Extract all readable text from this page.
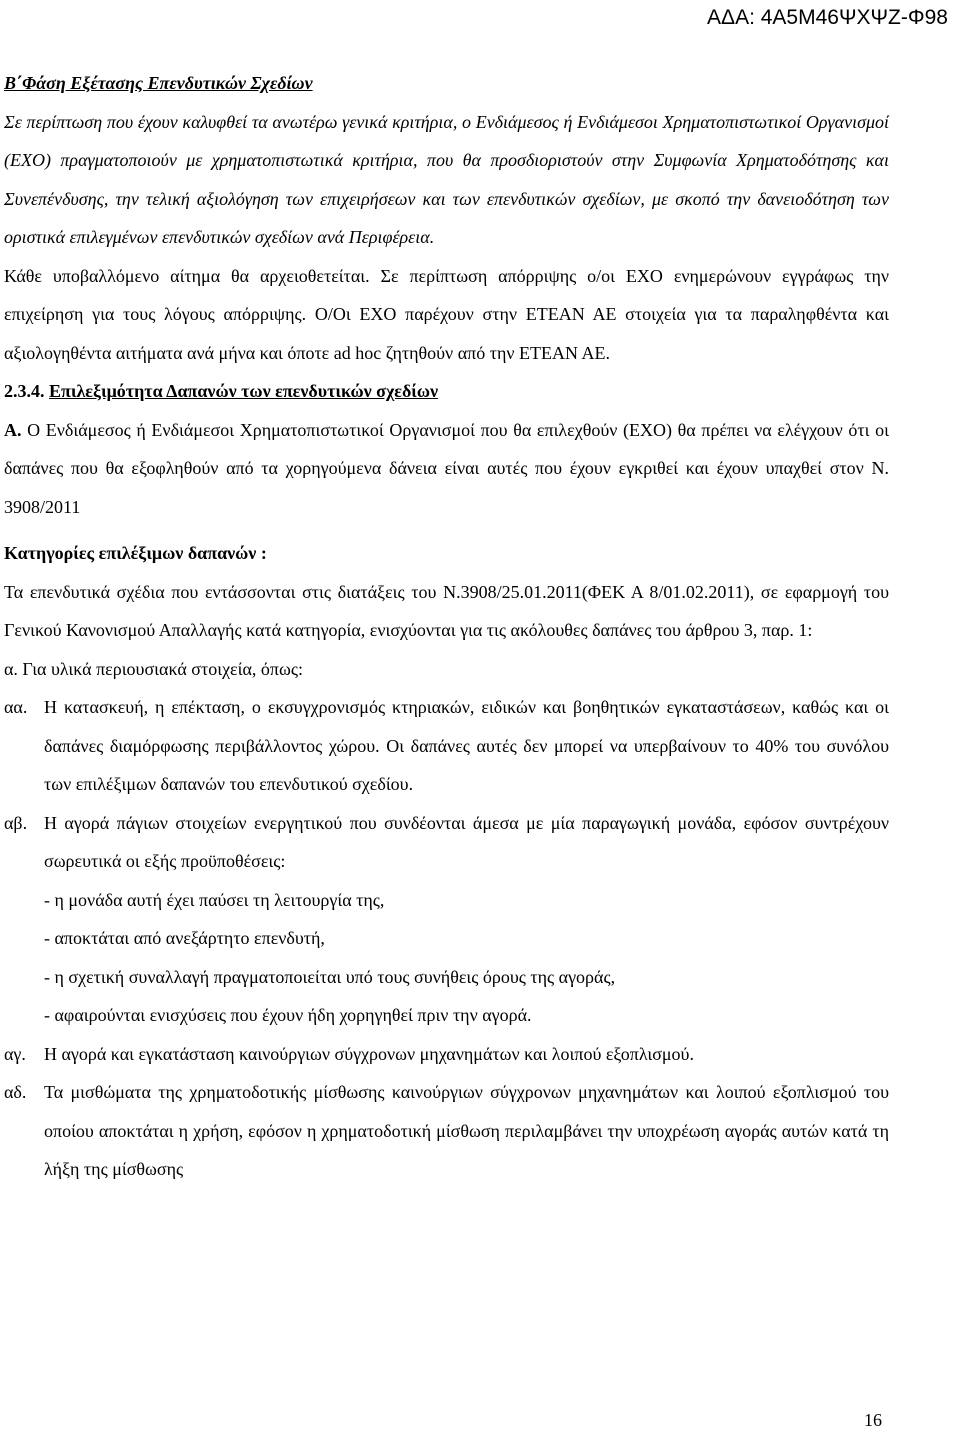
ΑΔΑ: 4Α5Μ46ΨΧΨΖ-Φ98

Β΄Φάση Εξέτασης Επενδυτικών Σχεδίων

Σε περίπτωση που έχουν καλυφθεί τα ανωτέρω γενικά κριτήρια, ο Ενδιάμεσος ή Ενδιάμεσοι Χρηματοπιστωτικοί Οργανισμοί (ΕΧΟ) πραγματοποιούν με χρηματοπιστωτικά κριτήρια, που θα προσδιοριστούν στην Συμφωνία Χρηματοδότησης και Συνεπένδυσης, την τελική αξιολόγηση των επιχειρήσεων και των επενδυτικών σχεδίων, με σκοπό την δανειοδότηση των οριστικά επιλεγμένων επενδυτικών σχεδίων ανά Περιφέρεια.

Κάθε υποβαλλόμενο αίτημα θα αρχειοθετείται. Σε περίπτωση απόρριψης ο/οι ΕΧΟ ενημερώνουν εγγράφως την επιχείρηση για τους λόγους απόρριψης. Ο/Οι ΕΧΟ παρέχουν στην ΕΤΕΑΝ ΑΕ στοιχεία για τα παραληφθέντα και αξιολογηθέντα αιτήματα ανά μήνα και όποτε ad hoc ζητηθούν από την ΕΤΕΑΝ ΑΕ.

2.3.4. Επιλεξιμότητα Δαπανών των επενδυτικών σχεδίων

Α. Ο Ενδιάμεσος ή Ενδιάμεσοι Χρηματοπιστωτικοί Οργανισμοί που θα επιλεχθούν (ΕΧΟ) θα πρέπει να ελέγχουν ότι οι δαπάνες που θα εξοφληθούν από τα χορηγούμενα δάνεια είναι αυτές που έχουν εγκριθεί και έχουν υπαχθεί στον Ν. 3908/2011

Κατηγορίες επιλέξιμων δαπανών :

Τα επενδυτικά σχέδια που εντάσσονται στις διατάξεις του Ν.3908/25.01.2011(ΦΕΚ Α 8/01.02.2011), σε εφαρμογή του Γενικού Κανονισμού Απαλλαγής κατά κατηγορία, ενισχύονται για τις ακόλουθες δαπάνες του άρθρου 3, παρ. 1:

α. Για υλικά περιουσιακά στοιχεία, όπως:

αα. Η κατασκευή, η επέκταση, ο εκσυγχρονισμός κτηριακών, ειδικών και βοηθητικών εγκαταστάσεων, καθώς και οι δαπάνες διαμόρφωσης περιβάλλοντος χώρου. Οι δαπάνες αυτές δεν μπορεί να υπερβαίνουν το 40% του συνόλου των επιλέξιμων δαπανών του επενδυτικού σχεδίου.
αβ. Η αγορά πάγιων στοιχείων ενεργητικού που συνδέονται άμεσα με μία παραγωγική μονάδα, εφόσον συντρέχουν σωρευτικά οι εξής προϋποθέσεις:

- η μονάδα αυτή έχει παύσει τη λειτουργία της,

- αποκτάται από ανεξάρτητο επενδυτή,

- η σχετική συναλλαγή πραγματοποιείται υπό τους συνήθεις όρους της αγοράς,

- αφαιρούνται ενισχύσεις που έχουν ήδη χορηγηθεί πριν την αγορά.

αγ.	Η αγορά και εγκατάσταση καινούργιων σύγχρονων μηχανημάτων και λοιπού εξοπλισμού.
αδ. Τα μισθώματα της χρηματοδοτικής μίσθωσης καινούργιων σύγχρονων μηχανημάτων και λοιπού εξοπλισμού του οποίου αποκτάται η χρήση, εφόσον η χρηματοδοτική μίσθωση περιλαμβάνει την υποχρέωση αγοράς αυτών κατά τη λήξη της μίσθωσης
16
